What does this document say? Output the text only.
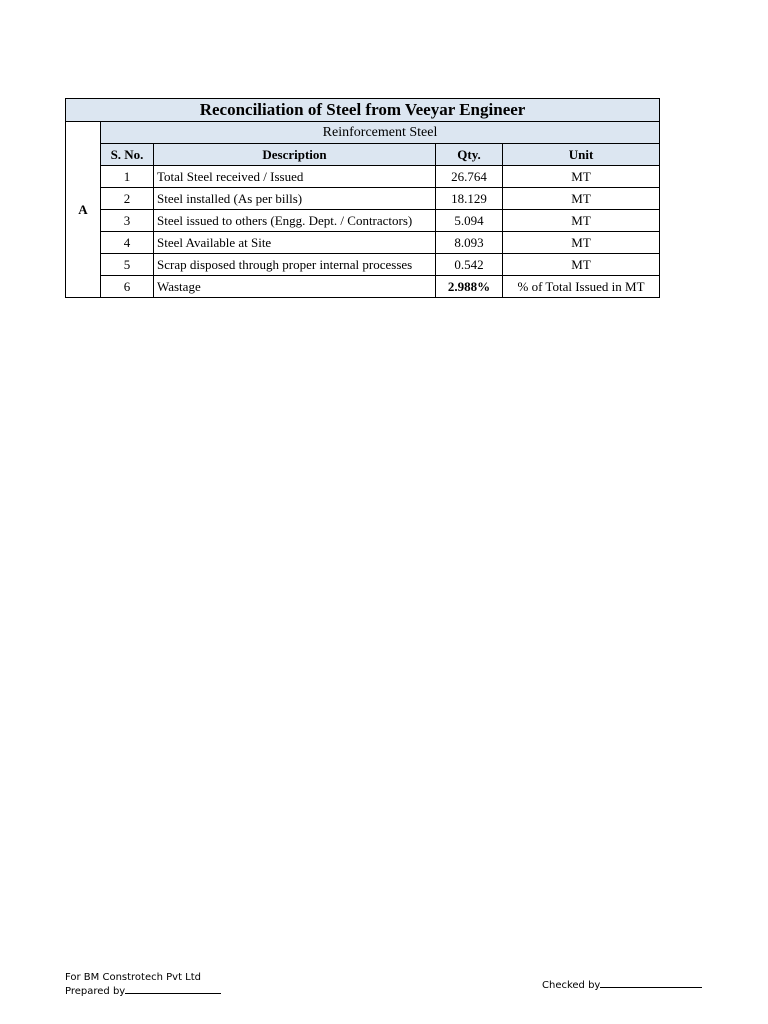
Reconciliation of Steel from Veeyar Engineer				
A	Reinforcement Steel			
	S. No.	Description	Qty.	Unit
	1	Total Steel received / Issued	26.764	MT
	2	Steel installed (As per bills)	18.129	MT
	3	Steel issued to others (Engg. Dept. / Contractors)	5.094	MT
	4	Steel Available at Site	8.093	MT
	5	Scrap disposed through proper internal processes	0.542	MT
	6	Wastage	2.988%	% of Total Issued in MT
For BM Constrotech Pvt Ltd
Prepared by
Checked by
